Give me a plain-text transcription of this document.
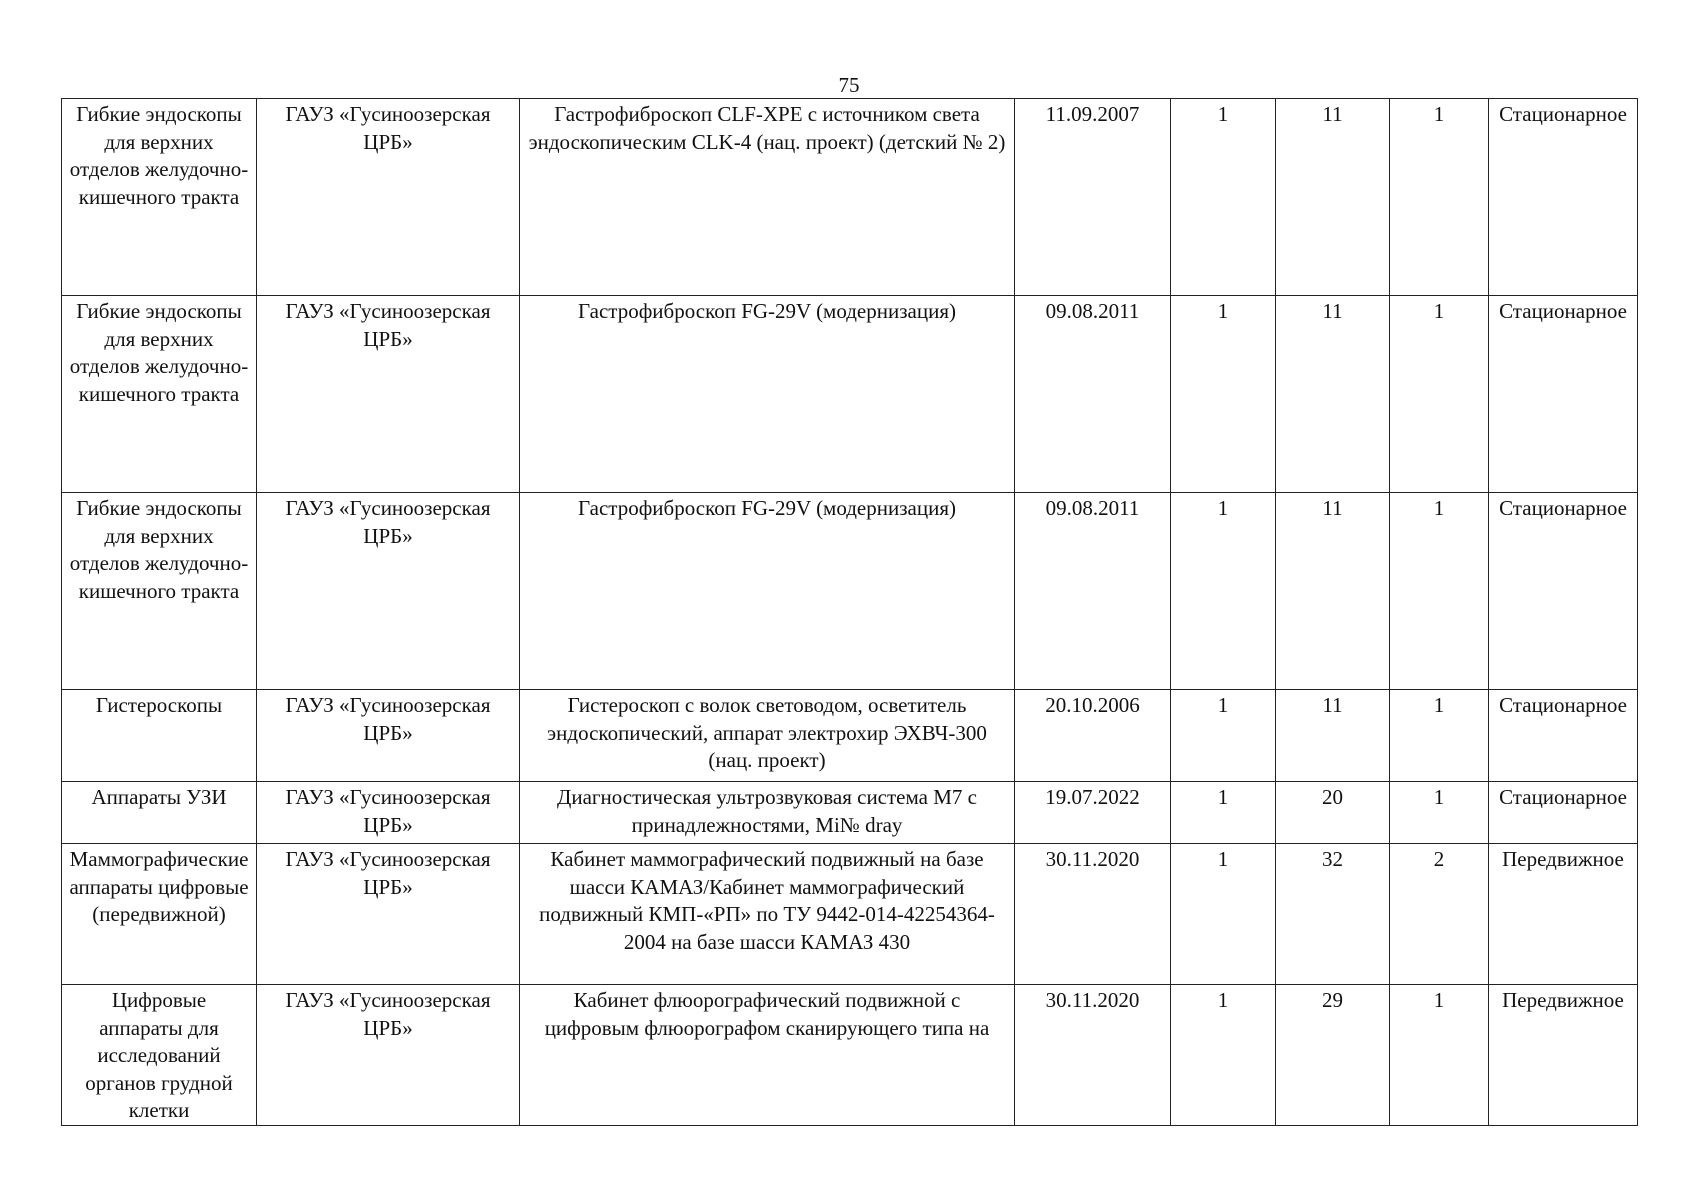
75
Гибкие эндоскопы для верхних отделов желудочно-кишечного тракта	ГАУЗ «Гусиноозерская ЦРБ»	Гастрофиброскоп CLF-XPE с источником света эндоскопическим CLK-4 (нац. проект) (детский № 2)	11.09.2007	1	11	1	Стационарное
Гибкие эндоскопы для верхних отделов желудочно-кишечного тракта	ГАУЗ «Гусиноозерская ЦРБ»	Гастрофиброскоп FG-29V (модернизация)	09.08.2011	1	11	1	Стационарное
Гибкие эндоскопы для верхних отделов желудочно-кишечного тракта	ГАУЗ «Гусиноозерская ЦРБ»	Гастрофиброскоп FG-29V (модернизация)	09.08.2011	1	11	1	Стационарное
Гистероскопы	ГАУЗ «Гусиноозерская ЦРБ»	Гистероскоп с волок световодом, осветитель эндоскопический, аппарат электрохир ЭХВЧ-300 (нац. проект)	20.10.2006	1	11	1	Стационарное
Аппараты УЗИ	ГАУЗ «Гусиноозерская ЦРБ»	Диагностическая ультрозвуковая система M7 с принадлежностями, Mi№ dray	19.07.2022	1	20	1	Стационарное
Маммографические аппараты цифровые (передвижной)	ГАУЗ «Гусиноозерская ЦРБ»	Кабинет маммографический подвижный на базе шасси КАМАЗ/Кабинет маммографический подвижный КМП-«РП» по ТУ 9442-014-42254364-2004 на базе шасси КАМАЗ 430	30.11.2020	1	32	2	Передвижное
Цифровые аппараты для исследований органов грудной клетки	ГАУЗ «Гусиноозерская ЦРБ»	Кабинет флюорографический подвижной с цифровым флюорографом сканирующего типа на	30.11.2020	1	29	1	Передвижное
